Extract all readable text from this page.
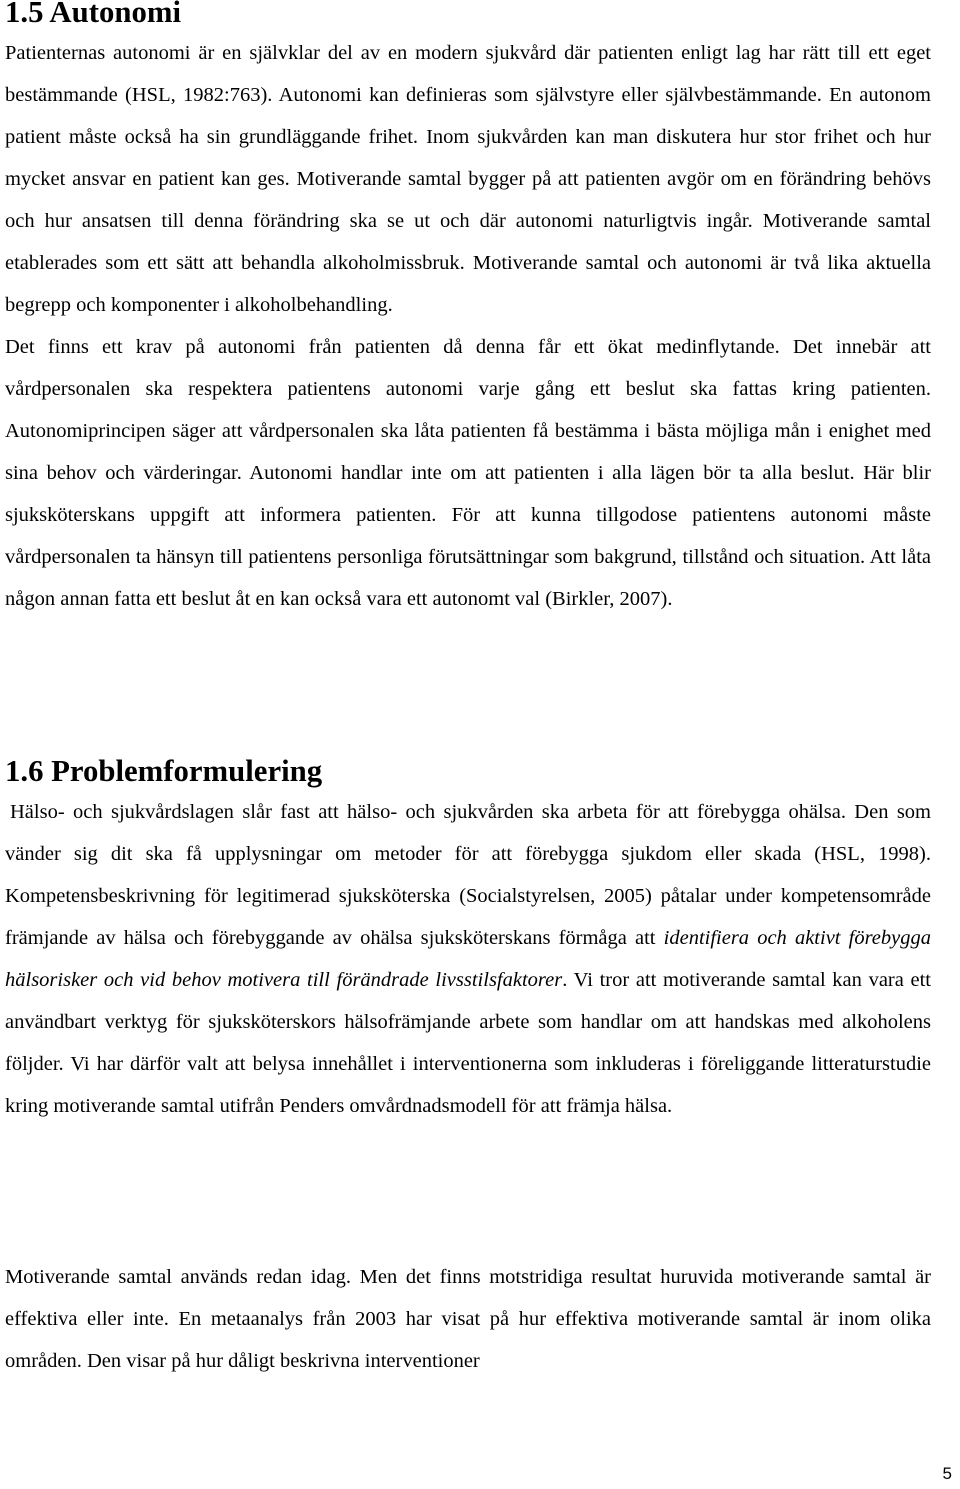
1.5 Autonomi

Patienternas autonomi är en självklar del av en modern sjukvård där patienten enligt lag har rätt till ett eget bestämmande (HSL, 1982:763). Autonomi kan definieras som självstyre eller självbestämmande. En autonom patient måste också ha sin grundläggande frihet. Inom sjukvården kan man diskutera hur stor frihet och hur mycket ansvar en patient kan ges. Motiverande samtal bygger på att patienten avgör om en förändring behövs och hur ansatsen till denna förändring ska se ut och där autonomi naturligtvis ingår. Motiverande samtal etablerades som ett sätt att behandla alkoholmissbruk. Motiverande samtal och autonomi är två lika aktuella begrepp och komponenter i alkoholbehandling.
Det finns ett krav på autonomi från patienten då denna får ett ökat medinflytande. Det innebär att vårdpersonalen ska respektera patientens autonomi varje gång ett beslut ska fattas kring patienten. Autonomiprincipen säger att vårdpersonalen ska låta patienten få bestämma i bästa möjliga mån i enighet med sina behov och värderingar. Autonomi handlar inte om att patienten i alla lägen bör ta alla beslut. Här blir sjuksköterskans uppgift att informera patienten. För att kunna tillgodose patientens autonomi måste vårdpersonalen ta hänsyn till patientens personliga förutsättningar som bakgrund, tillstånd och situation. Att låta någon annan fatta ett beslut åt en kan också vara ett autonomt val (Birkler, 2007).

1.6 Problemformulering

Hälso- och sjukvårdslagen slår fast att hälso- och sjukvården ska arbeta för att förebygga ohälsa. Den som vänder sig dit ska få upplysningar om metoder för att förebygga sjukdom eller skada (HSL, 1998). Kompetensbeskrivning för legitimerad sjuksköterska (Socialstyrelsen, 2005) påtalar under kompetensområde främjande av hälsa och förebyggande av ohälsa sjuksköterskans förmåga att identifiera och aktivt förebygga hälsorisker och vid behov motivera till förändrade livsstilsfaktorer. Vi tror att motiverande samtal kan vara ett användbart verktyg för sjuksköterskors hälsofrämjande arbete som handlar om att handskas med alkoholens följder. Vi har därför valt att belysa innehållet i interventionerna som inkluderas i föreliggande litteraturstudie kring motiverande samtal utifrån Penders omvårdnadsmodell för att främja hälsa.

Motiverande samtal används redan idag. Men det finns motstridiga resultat huruvida motiverande samtal är effektiva eller inte. En metaanalys från 2003 har visat på hur effektiva motiverande samtal är inom olika områden. Den visar på hur dåligt beskrivna interventioner

5
